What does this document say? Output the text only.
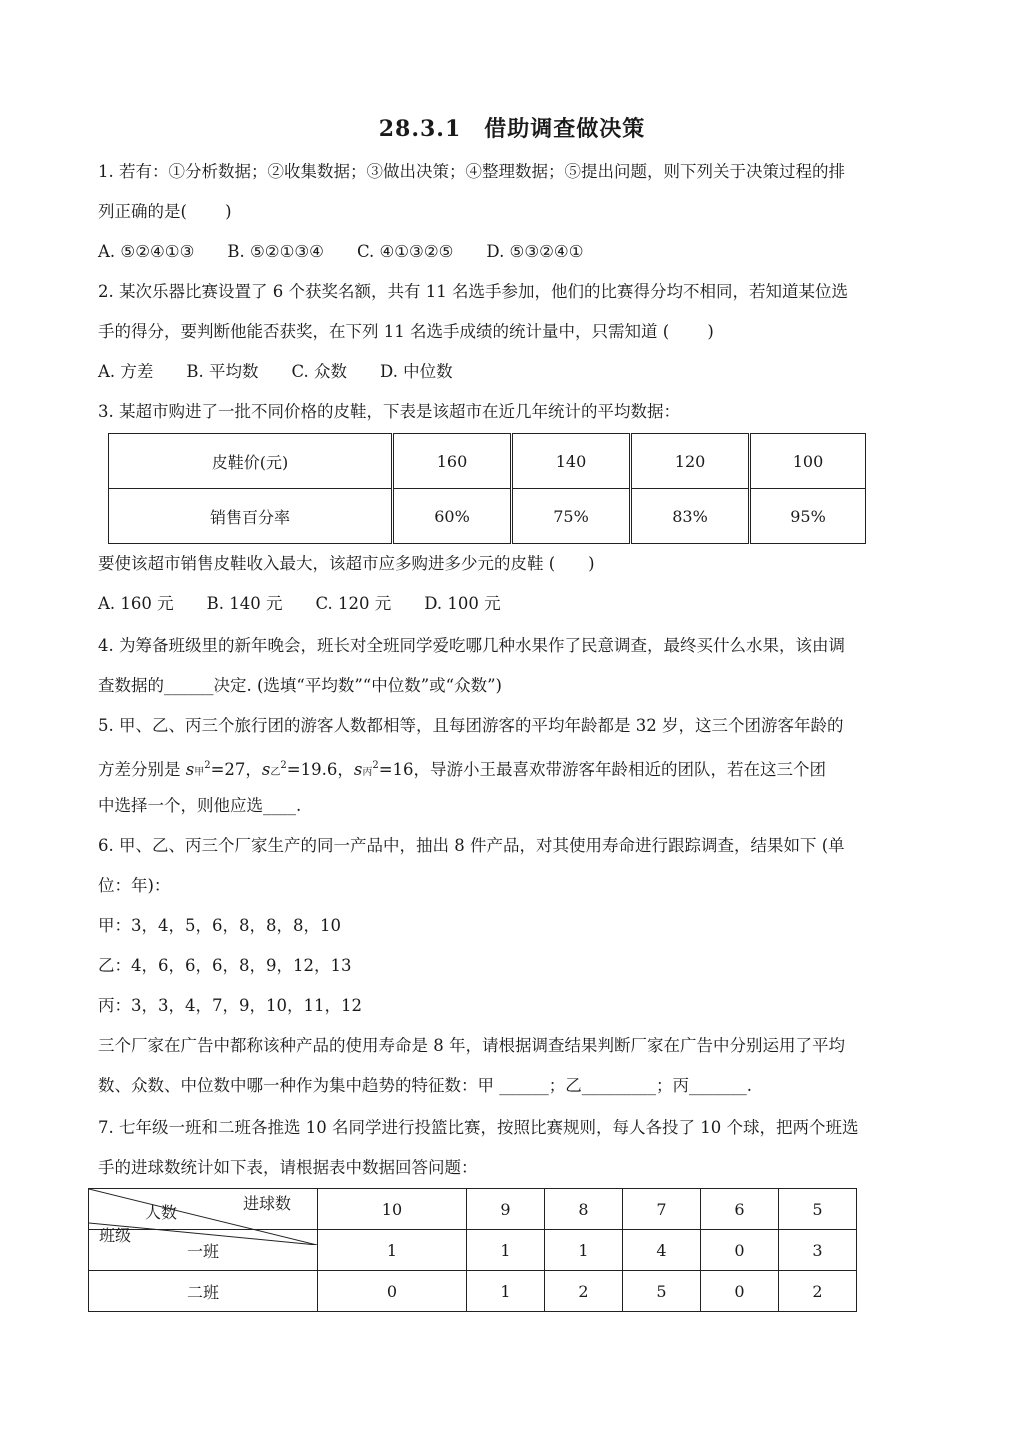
28.3.1　借助调查做决策
1. 若有：①分析数据；②收集数据；③做出决策；④整理数据；⑤提出问题，则下列关于决策过程的排
列正确的是(　　 )
A. ⑤②④①③　　B. ⑤②①③④　　C. ④①③②⑤　　D. ⑤③②④①
2. 某次乐器比赛设置了 6 个获奖名额，共有 11 名选手参加，他们的比赛得分均不相同，若知道某位选
手的得分，要判断他能否获奖，在下列 11 名选手成绩的统计量中，只需知道 (　　 )
A. 方差　　B. 平均数　　C. 众数　　D. 中位数
3. 某超市购进了一批不同价格的皮鞋，下表是该超市在近几年统计的平均数据：
皮鞋价(元)	160	140	120	100
销售百分率	60%	75%	83%	95%
要使该超市销售皮鞋收入最大，该超市应多购进多少元的皮鞋 (　　)
A. 160 元　　B. 140 元　　C. 120 元　　D. 100 元
4. 为筹备班级里的新年晚会，班长对全班同学爱吃哪几种水果作了民意调查，最终买什么水果，该由调
查数据的______决定. (选填“平均数”“中位数”或“众数”)
5. 甲、乙、丙三个旅行团的游客人数都相等，且每团游客的平均年龄都是 32 岁，这三个团游客年龄的
方差分别是 s甲$^2$=27，s乙$^2$=19.6，s丙$^2$=16，导游小王最喜欢带游客年龄相近的团队，若在这三个团
中选择一个，则他应选____.
6. 甲、乙、丙三个厂家生产的同一产品中，抽出 8 件产品，对其使用寿命进行跟踪调查，结果如下 (单
位：年)：
甲：3，4，5，6，8，8，8，10
乙：4，6，6，6，8，9，12，13
丙：3，3，4，7，9，10，11，12
三个厂家在广告中都称该种产品的使用寿命是 8 年，请根据调查结果判断厂家在广告中分别运用了平均
数、众数、中位数中哪一种作为集中趋势的特征数：甲 ______；乙_________；丙_______.
7. 七年级一班和二班各推选 10 名同学进行投篮比赛，按照比赛规则，每人各投了 10 个球，把两个班选
手的进球数统计如下表，请根据表中数据回答问题：
进球数
人数
班级	10	9	8	7	6	5
一班	1	1	1	4	0	3
二班	0	1	2	5	0	2
